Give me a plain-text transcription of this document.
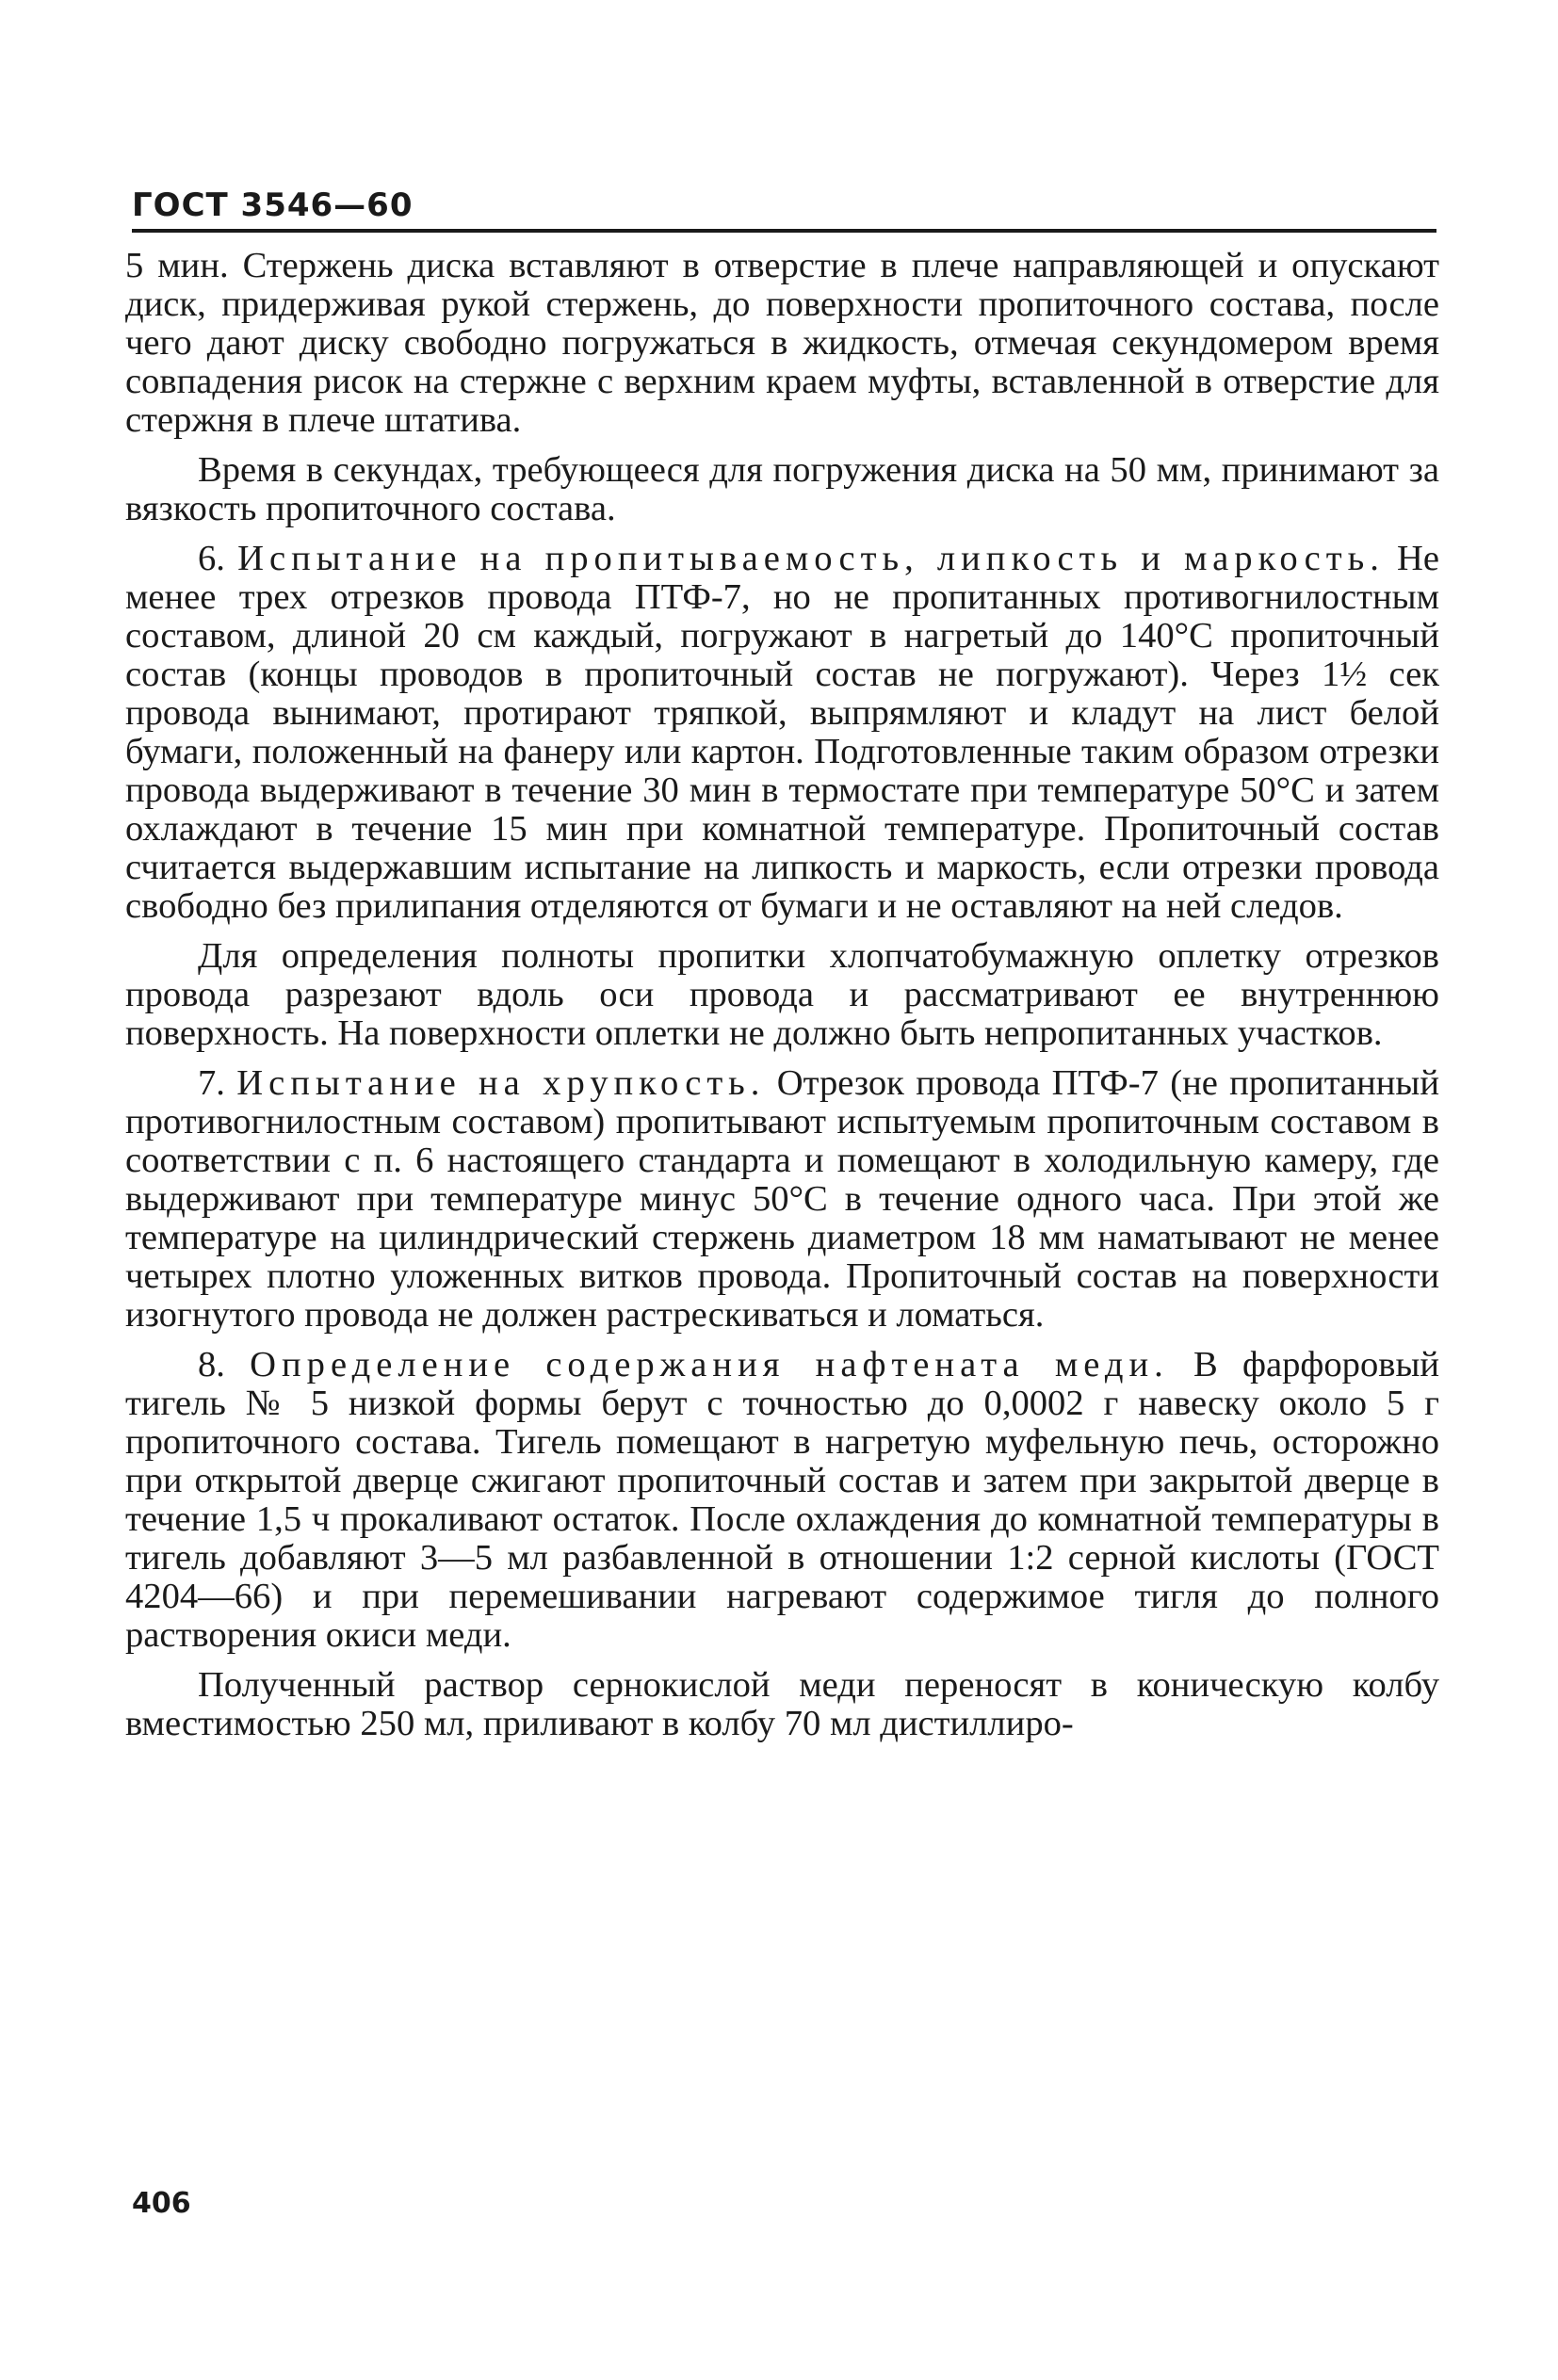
ГОСТ 3546—60

5 мин. Стержень диска вставляют в отверстие в плече направляющей и опускают диск, придерживая рукой стержень, до поверхности пропиточного состава, после чего дают диску свободно погружаться в жидкость, отмечая секундомером время совпадения рисок на стержне с верхним краем муфты, вставленной в отверстие для стержня в плече штатива.

Время в секундах, требующееся для погружения диска на 50 мм, принимают за вязкость пропиточного состава.

6. Испытание на пропитываемость, липкость и маркость. Не менее трех отрезков провода ПТФ-7, но не пропитанных противогнилостным составом, длиной 20 см каждый, погружают в нагретый до 140°С пропиточный состав (концы проводов в пропиточный состав не погружают). Через 1½ сек провода вынимают, протирают тряпкой, выпрямляют и кладут на лист белой бумаги, положенный на фанеру или картон. Подготовленные таким образом отрезки провода выдерживают в течение 30 мин в термостате при температуре 50°С и затем охлаждают в течение 15 мин при комнатной температуре. Пропиточный состав считается выдержавшим испытание на липкость и маркость, если отрезки провода свободно без прилипания отделяются от бумаги и не оставляют на ней следов.

Для определения полноты пропитки хлопчатобумажную оплетку отрезков провода разрезают вдоль оси провода и рассматривают ее внутреннюю поверхность. На поверхности оплетки не должно быть непропитанных участков.

7. Испытание на хрупкость. Отрезок провода ПТФ-7 (не пропитанный противогнилостным составом) пропитывают испытуемым пропиточным составом в соответствии с п. 6 настоящего стандарта и помещают в холодильную камеру, где выдерживают при температуре минус 50°С в течение одного часа. При этой же температуре на цилиндрический стержень диаметром 18 мм наматывают не менее четырех плотно уложенных витков провода. Пропиточный состав на поверхности изогнутого провода не должен растрескиваться и ломаться.

8. Определение содержания нафтената меди. В фарфоровый тигель № 5 низкой формы берут с точностью до 0,0002 г навеску около 5 г пропиточного состава. Тигель помещают в нагретую муфельную печь, осторожно при открытой дверце сжигают пропиточный состав и затем при закрытой дверце в течение 1,5 ч прокаливают остаток. После охлаждения до комнатной температуры в тигель добавляют 3—5 мл разбавленной в отношении 1:2 серной кислоты (ГОСТ 4204—66) и при перемешивании нагревают содержимое тигля до полного растворения окиси меди.

Полученный раствор сернокислой меди переносят в коническую колбу вместимостью 250 мл, приливают в колбу 70 мл дистиллиро-

406
